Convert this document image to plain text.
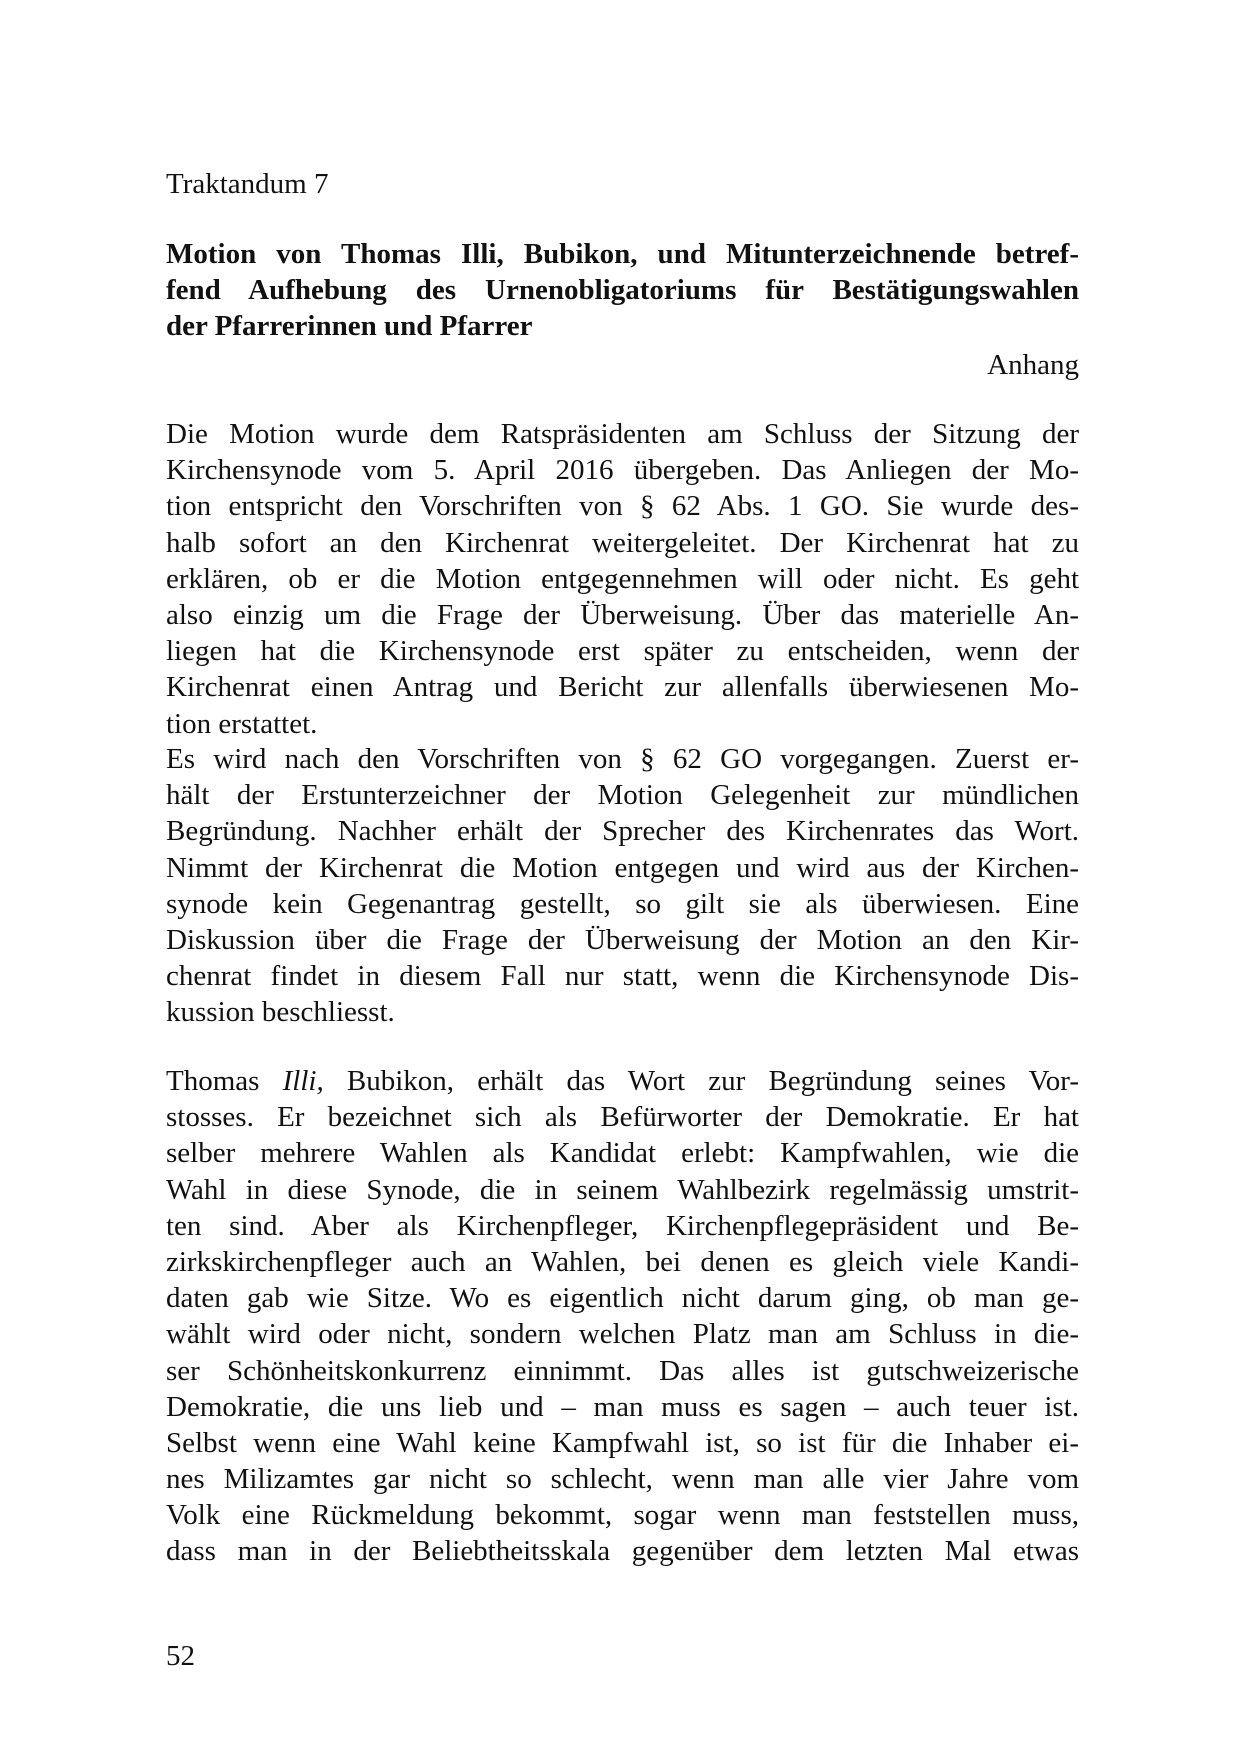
Traktandum 7
Motion von Thomas Illi, Bubikon, und Mitunterzeichnende betref-
fend Aufhebung des Urnenobligatoriums für Bestätigungswahlen
der Pfarrerinnen und Pfarrer
Anhang
Die Motion wurde dem Ratspräsidenten am Schluss der Sitzung der
Kirchensynode vom 5. April 2016 übergeben. Das Anliegen der Mo-
tion entspricht den Vorschriften von § 62 Abs. 1 GO. Sie wurde des-
halb sofort an den Kirchenrat weitergeleitet. Der Kirchenrat hat zu
erklären, ob er die Motion entgegennehmen will oder nicht. Es geht
also einzig um die Frage der Überweisung. Über das materielle An-
liegen hat die Kirchensynode erst später zu entscheiden, wenn der
Kirchenrat einen Antrag und Bericht zur allenfalls überwiesenen Mo-
tion erstattet.
Es wird nach den Vorschriften von § 62 GO vorgegangen. Zuerst er-
hält der Erstunterzeichner der Motion Gelegenheit zur mündlichen
Begründung. Nachher erhält der Sprecher des Kirchenrates das Wort.
Nimmt der Kirchenrat die Motion entgegen und wird aus der Kirchen-
synode kein Gegenantrag gestellt, so gilt sie als überwiesen. Eine
Diskussion über die Frage der Überweisung der Motion an den Kir-
chenrat findet in diesem Fall nur statt, wenn die Kirchensynode Dis-
kussion beschliesst.
Thomas Illi, Bubikon, erhält das Wort zur Begründung seines Vor-
stosses. Er bezeichnet sich als Befürworter der Demokratie. Er hat
selber mehrere Wahlen als Kandidat erlebt: Kampfwahlen, wie die
Wahl in diese Synode, die in seinem Wahlbezirk regelmässig umstrit-
ten sind. Aber als Kirchenpfleger, Kirchenpflegepräsident und Be-
zirkskirchenpfleger auch an Wahlen, bei denen es gleich viele Kandi-
daten gab wie Sitze. Wo es eigentlich nicht darum ging, ob man ge-
wählt wird oder nicht, sondern welchen Platz man am Schluss in die-
ser Schönheitskonkurrenz einnimmt. Das alles ist gutschweizerische
Demokratie, die uns lieb und – man muss es sagen – auch teuer ist.
Selbst wenn eine Wahl keine Kampfwahl ist, so ist für die Inhaber ei-
nes Milizamtes gar nicht so schlecht, wenn man alle vier Jahre vom
Volk eine Rückmeldung bekommt, sogar wenn man feststellen muss,
dass man in der Beliebtheitsskala gegenüber dem letzten Mal etwas
52
